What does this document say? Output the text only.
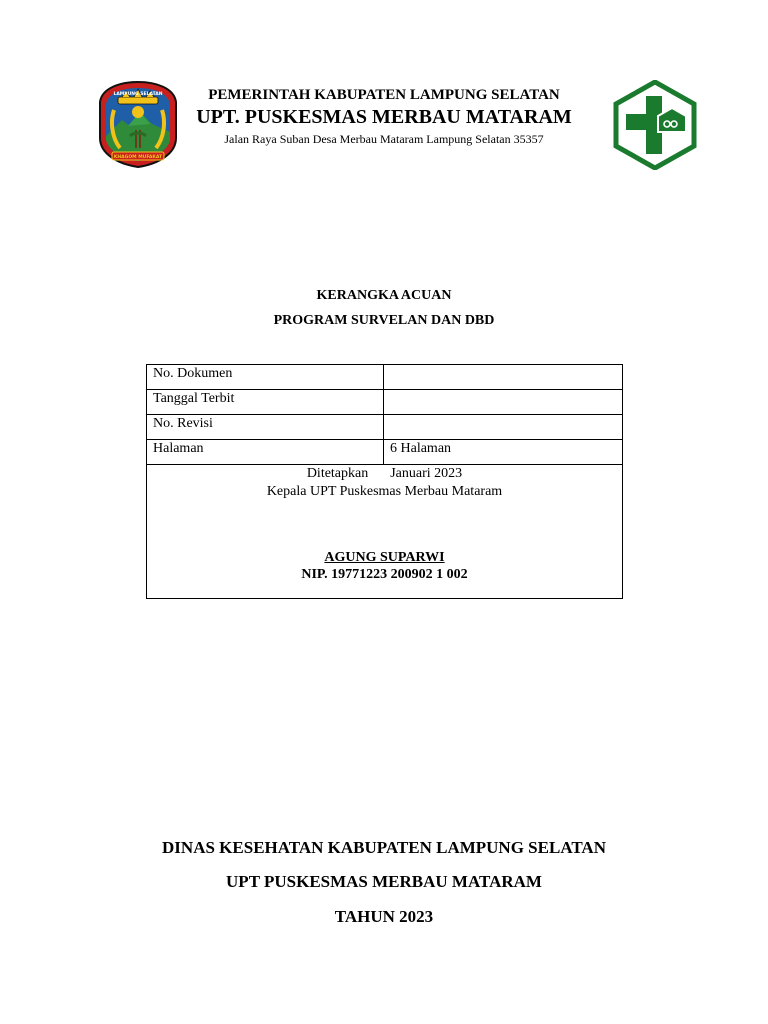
KHAGOM MUFAKAT
LAMPUNG SELATAN	PEMERINTAH KABUPATEN LAMPUNG SELATAN
UPT. PUSKESMAS MERBAU MATARAM
Jalan Raya Suban Desa Merbau Mataram Lampung Selatan 35357
KERANGKA ACUAN
PROGRAM SURVELAN DAN DBD
No. Dokumen	
Tanggal Terbit	
No. Revisi	
Halaman	6 Halaman

Ditetapkan Januari 2023
Kepala UPT Puskesmas Merbau Mataram
AGUNG SUPARWI
NIP. 19771223 200902 1 002	
DINAS KESEHATAN KABUPATEN LAMPUNG SELATAN
UPT PUSKESMAS MERBAU MATARAM
TAHUN 2023
